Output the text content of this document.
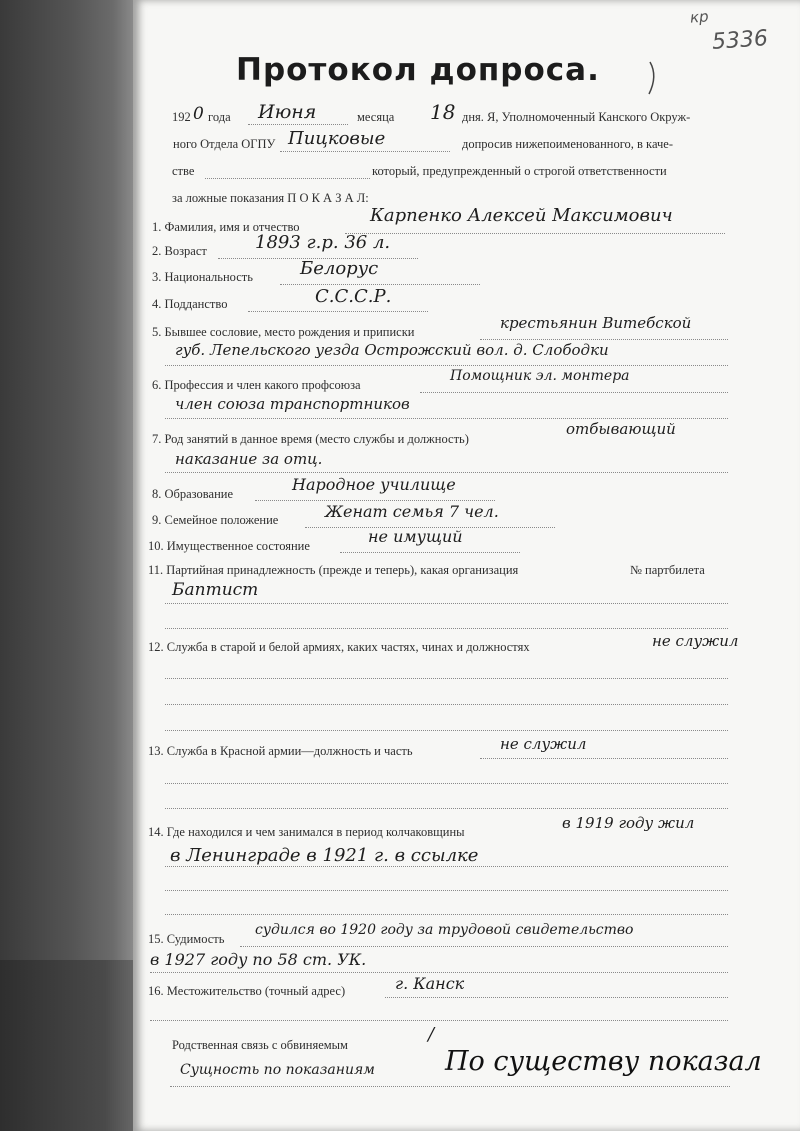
кр
5336
Протокол допроса.
192 0 года Июня	месяца 18 дня. Я, Уполномоченный Канского Окруж-
ного Отдела ОГПУ Пицковые	допросив нижепоименованного, в каче-
стве	который, предупрежденный о строгой ответственности
за ложные показания П О К А З А Л:
1. Фамилия, имя и отчество
Карпенко Алексей Максимович
2. Возраст	1893 г.р. 36 л.
3. Национальность	Белорус
4. Подданство	С.С.С.Р.
5. Бывшее сословие, место рождения и приписки	крестьянин Витебской
губ. Лепельского уезда Острожский вол. д. Слободки
6. Профессия и член какого профсоюза
Помощник эл. монтера
член союза транспортников
7. Род занятий в данное время (место службы и должность)
отбывающий
наказание за отц.
8. Образование	Народное училище
9. Семейное положение	Женат семья 7 чел.
10. Имущественное состояние	не имущий
11. Партийная принадлежность (прежде и теперь), какая организация	№ партбилета
Баптист
12. Служба в старой и белой армиях, каких частях, чинах и должностях	не служил
13. Служба в Красной армии—должность и часть	не служил
14. Где находился и чем занимался в период колчаковщины	в 1919 году жил
в Ленинграде в 1921 г. в ссылке
15. Судимость
судился во 1920 году за трудовой свидетельство
в 1927 году по 58 ст. УК.
16. Местожительство (точный адрес)	г. Канск
Родственная связь с обвиняемым	/
Сущность по показаниям	По существу показал
